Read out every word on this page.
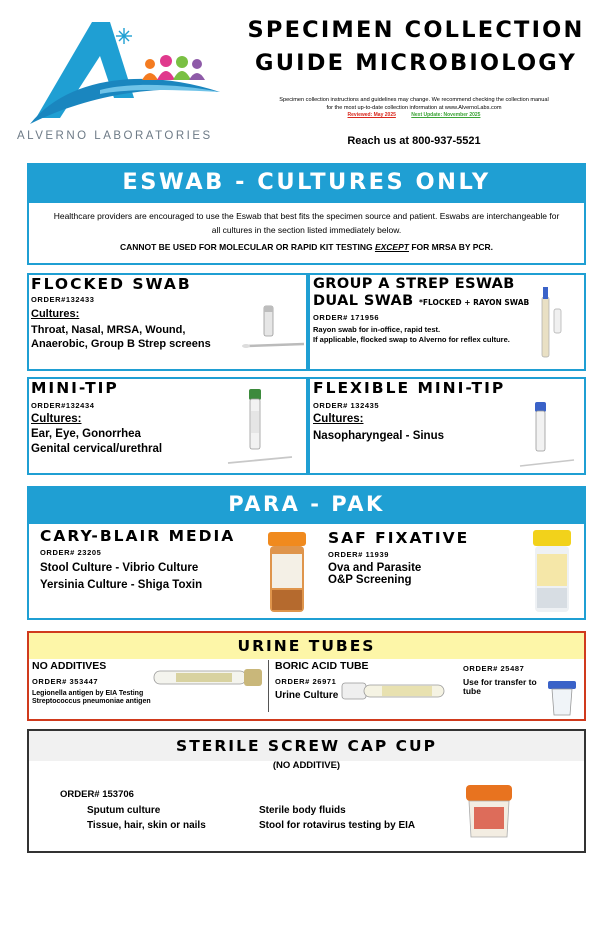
ALVERNO LABORATORIES
SPECIMEN COLLECTION
GUIDE MICROBIOLOGY
Specimen collection instructions and guidelines may change. We recommend checking the collection manual
for the most up-to-date collection information at www.AlvernoLabs.com
Reviewed: May 2025	Next Update: November 2025
Reach us at 800-937-5521
ESWAB - CULTURES ONLY
Healthcare providers are encouraged to use the Eswab that best fits the specimen source and patient. Eswabs are interchangeable for all cultures in the section listed immediately below.
CANNOT BE USED FOR MOLECULAR OR RAPID KIT TESTING EXCEPT FOR MRSA BY PCR.
FLOCKED SWAB
ORDER#132433
Cultures:
Throat, Nasal, MRSA, Wound,
Anaerobic, Group B Strep screens
GROUP A STREP ESWAB
DUAL SWAB *FLOCKED + RAYON SWAB
ORDER# 171956
Rayon swab for in-office, rapid test.
If applicable, flocked swap to Alverno for reflex culture.
MINI-TIP
ORDER#132434
Cultures:
Ear, Eye, Gonorrhea
Genital cervical/urethral
FLEXIBLE MINI-TIP
ORDER# 132435
Cultures:
Nasopharyngeal - Sinus
PARA - PAK
CARY-BLAIR MEDIA
ORDER# 23205
Stool Culture - Vibrio Culture
Yersinia Culture - Shiga Toxin
SAF FIXATIVE
ORDER# 11939
Ova and Parasite
O&P Screening
URINE TUBES
NO ADDITIVES
ORDER# 353447
Legionella antigen by EIA Testing
Streptococcus pneumoniae antigen
BORIC ACID TUBE
ORDER# 26971
Urine Culture
ORDER# 25487
Use for transfer to
tube
STERILE SCREW CAP CUP
(NO ADDITIVE)
ORDER# 153706
Sputum culture
Tissue, hair, skin or nails
Sterile body fluids
Stool for rotavirus testing by EIA
